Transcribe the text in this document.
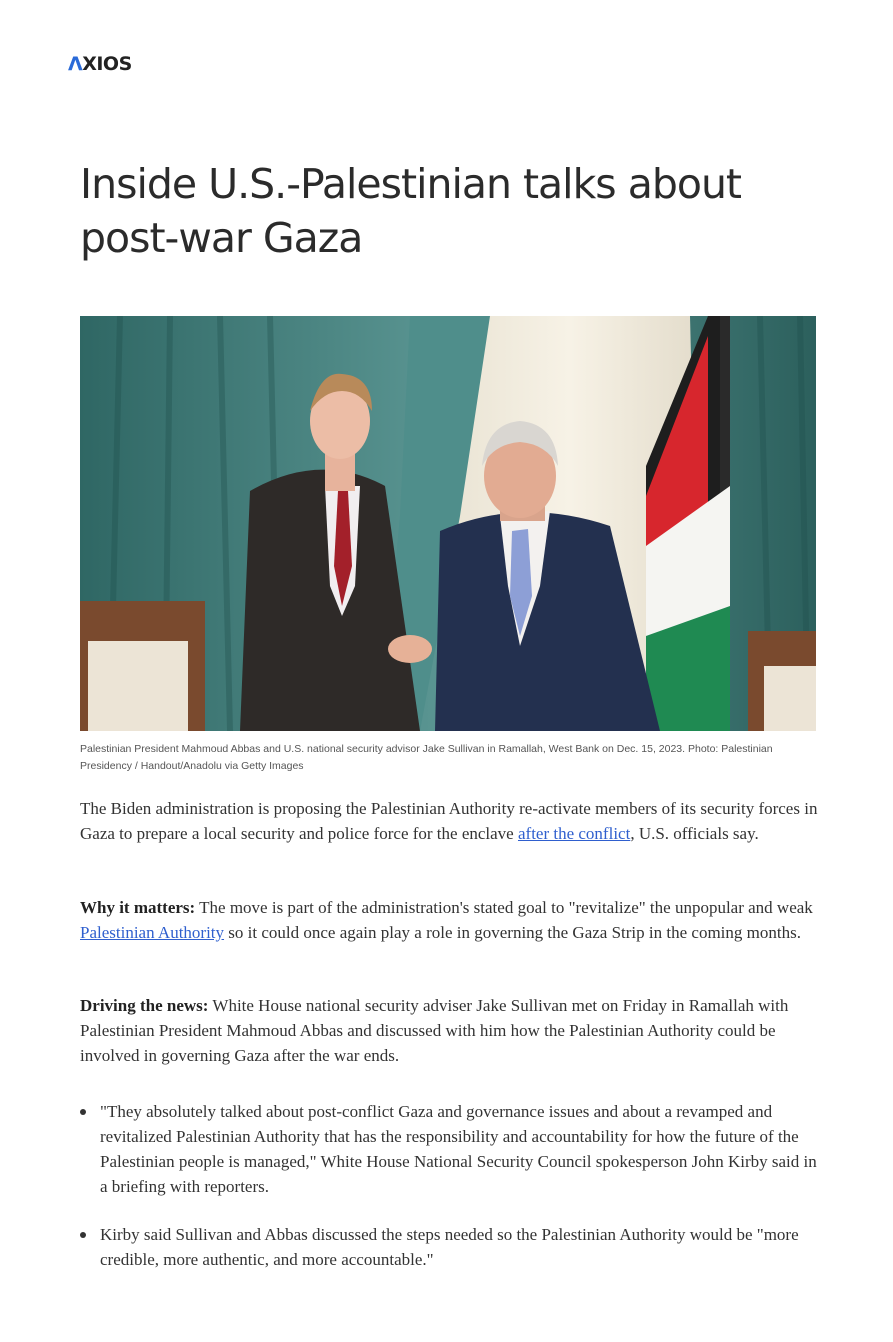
ΛXIOS
Inside U.S.-Palestinian talks about post-war Gaza
Palestinian President Mahmoud Abbas and U.S. national security advisor Jake Sullivan in Ramallah, West Bank on Dec. 15, 2023. Photo: Palestinian Presidency / Handout/Anadolu via Getty Images

The Biden administration is proposing the Palestinian Authority re-activate members of its security forces in Gaza to prepare a local security and police force for the enclave after the conflict, U.S. officials say.

Why it matters: The move is part of the administration's stated goal to "revitalize" the unpopular and weak Palestinian Authority so it could once again play a role in governing the Gaza Strip in the coming months.

Driving the news: White House national security adviser Jake Sullivan met on Friday in Ramallah with Palestinian President Mahmoud Abbas and discussed with him how the Palestinian Authority could be involved in governing Gaza after the war ends.

"They absolutely talked about post-conflict Gaza and governance issues and about a revamped and revitalized Palestinian Authority that has the responsibility and accountability for how the future of the Palestinian people is managed," White House National Security Council spokesperson John Kirby said in a briefing with reporters.
Kirby said Sullivan and Abbas discussed the steps needed so the Palestinian Authority would be "more credible, more authentic, and more accountable."
